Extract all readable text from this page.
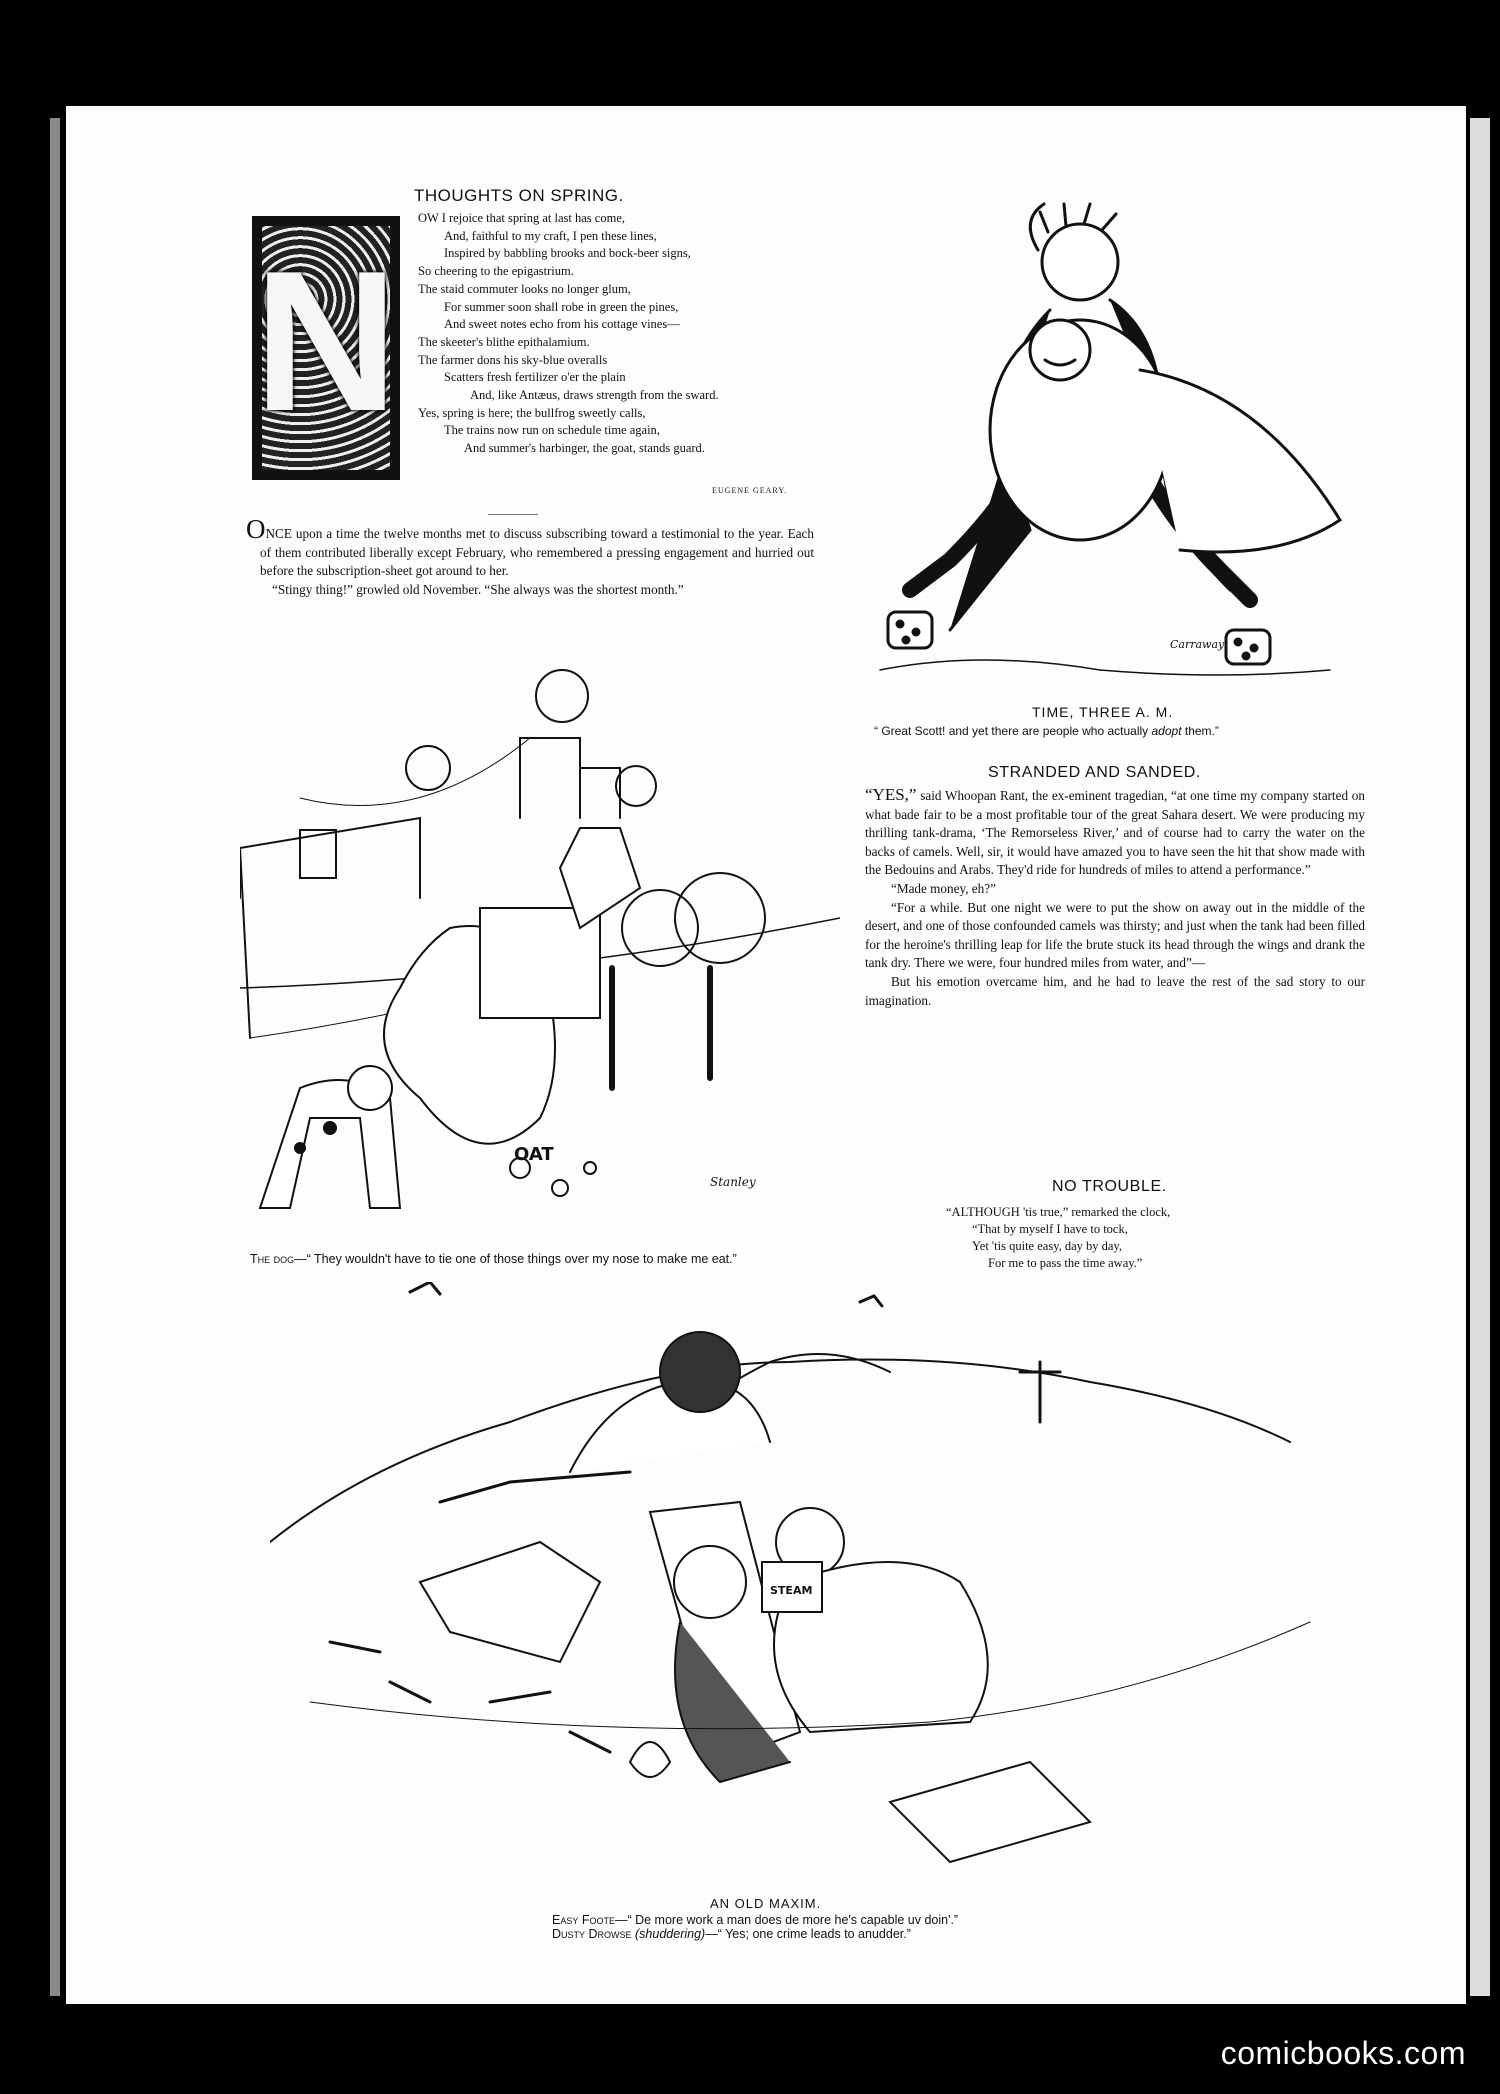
THOUGHTS ON SPRING.
N
OW I rejoice that spring at last has come,
And, faithful to my craft, I pen these lines,
Inspired by babbling brooks and bock-beer signs,
So cheering to the epigastrium.
The staid commuter looks no longer glum,
For summer soon shall robe in green the pines,
And sweet notes echo from his cottage vines—
The skeeter's blithe epithalamium.
The farmer dons his sky-blue overalls
Scatters fresh fertilizer o'er the plain
And, like Antæus, draws strength from the sward.
Yes, spring is here; the bullfrog sweetly calls,
The trains now run on schedule time again,
And summer's harbinger, the goat, stands guard.
EUGENE GEARY.

ONCE upon a time the twelve months met to discuss subscribing toward a testimonial to the year. Each of them contributed liberally except February, who remembered a pressing engagement and hurried out before the subscription-sheet got around to her.

“Stingy thing!” growled old November. “She always was the shortest month.”

Carraway
TIME, THREE A. M.
“ Great Scott! and yet there are people who actually adopt them.”
STRANDED AND SANDED.

“YES,” said Whoopan Rant, the ex-eminent tragedian, “at one time my company started on what bade fair to be a most profitable tour of the great Sahara desert. We were producing my thrilling tank-drama, ‘The Remorseless River,’ and of course had to carry the water on the backs of camels. Well, sir, it would have amazed you to have seen the hit that show made with the Bedouins and Arabs. They'd ride for hundreds of miles to attend a performance.”

“Made money, eh?”

“For a while. But one night we were to put the show on away out in the middle of the desert, and one of those confounded camels was thirsty; and just when the tank had been filled for the heroine's thrilling leap for life the brute stuck its head through the wings and drank the tank dry. There we were, four hundred miles from water, and”—

But his emotion overcame him, and he had to leave the rest of the sad story to our imagination.

NO TROUBLE.
“ALTHOUGH 'tis true,” remarked the clock,
“That by myself I have to tock,
Yet 'tis quite easy, day by day,
For me to pass the time away.”
OAT
Stanley
The dog—“ They wouldn't have to tie one of those things over my nose to make me eat.”
STEAM
AN OLD MAXIM.
Easy Foote—“ De more work a man does de more he's capable uv doin'.”
Dusty Drowse (shuddering)—“ Yes; one crime leads to anudder.”
comicbooks.com
